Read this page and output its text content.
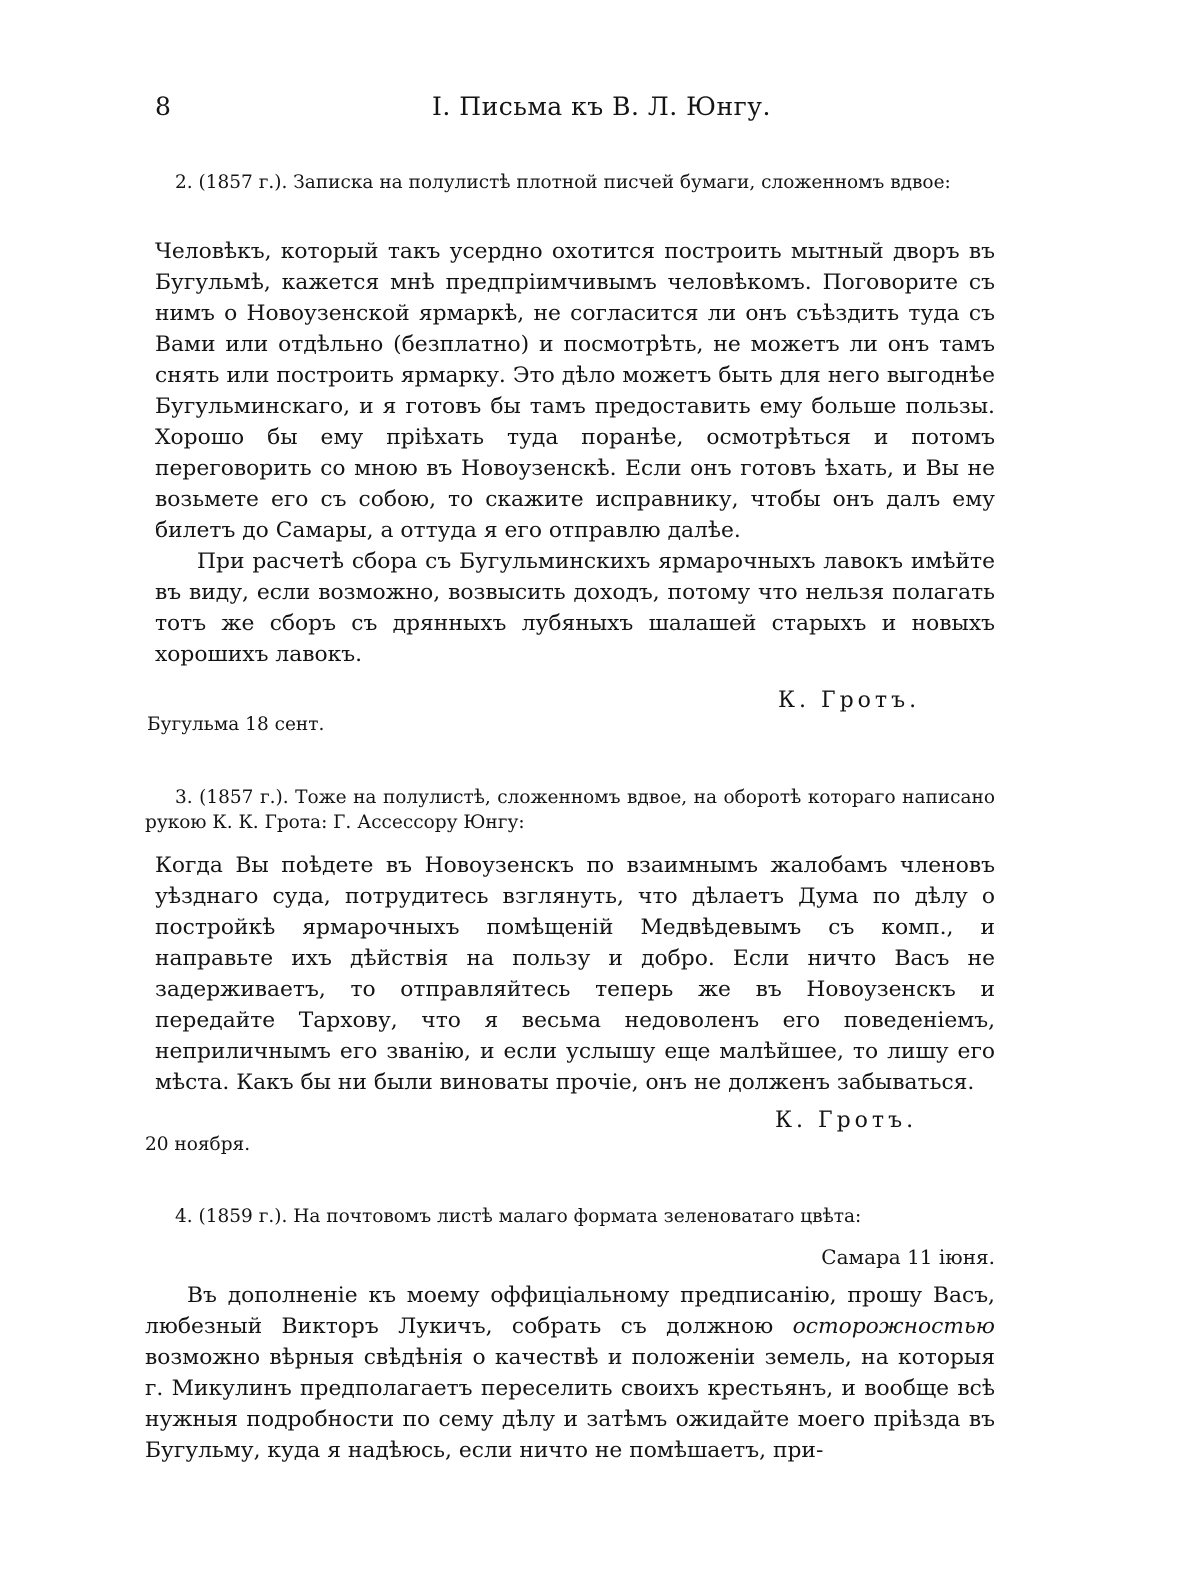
8	I. Письма къ В. Л. Юнгу.

2. (1857 г.). Записка на полулистѣ плотной писчей бумаги, сложенномъ вдвое:

Человѣкъ, который такъ усердно охотится построить мытный дворъ въ Бугульмѣ, кажется мнѣ предпріимчивымъ человѣкомъ. Поговорите съ нимъ о Новоузенской ярмаркѣ, не согласится ли онъ съѣздить туда съ Вами или отдѣльно (безплатно) и посмотрѣть, не можетъ ли онъ тамъ снять или построить ярмарку. Это дѣло можетъ быть для него выгоднѣе Бугульминскаго, и я готовъ бы тамъ предоставить ему больше пользы. Хорошо бы ему пріѣхать туда поранѣе, осмотрѣться и потомъ переговорить со мною въ Новоузенскѣ. Если онъ готовъ ѣхать, и Вы не возьмете его съ собою, то скажите исправнику, чтобы онъ далъ ему билетъ до Самары, а оттуда я его отправлю далѣе.

При расчетѣ сбора съ Бугульминскихъ ярмарочныхъ лавокъ имѣйте въ виду, если возможно, возвысить доходъ, потому что нельзя полагать тотъ же сборъ съ дрянныхъ лубяныхъ шалашей старыхъ и новыхъ хорошихъ лавокъ.

К. Гротъ.
Бугульма 18 сент.

3. (1857 г.). Тоже на полулистѣ, сложенномъ вдвое, на оборотѣ котораго написано рукою К. К. Грота: Г. Ассессору Юнгу:

Когда Вы поѣдете въ Новоузенскъ по взаимнымъ жалобамъ членовъ уѣзднаго суда, потрудитесь взглянуть, что дѣлаетъ Дума по дѣлу о постройкѣ ярмарочныхъ помѣщеній Медвѣдевымъ съ комп., и направьте ихъ дѣйствія на пользу и добро. Если ничто Васъ не задерживаетъ, то отправляйтесь теперь же въ Новоузенскъ и передайте Тархову, что я весьма недоволенъ его поведеніемъ, неприличнымъ его званію, и если услышу еще малѣйшее, то лишу его мѣста. Какъ бы ни были виноваты прочіе, онъ не долженъ забываться.

К. Гротъ.
20 ноября.

4. (1859 г.). На почтовомъ листѣ малаго формата зеленоватаго цвѣта:

Самара 11 іюня.

Въ дополненіе къ моему оффиціальному предписанію, прошу Васъ, любезный Викторъ Лукичъ, собрать съ должною осторожностью возможно вѣрныя свѣдѣнія о качествѣ и положеніи земель, на которыя г. Микулинъ предполагаетъ переселить своихъ крестьянъ, и вообще всѣ нужныя подробности по сему дѣлу и затѣмъ ожидайте моего пріѣзда въ Бугульму, куда я надѣюсь, если ничто не помѣшаетъ, при-
